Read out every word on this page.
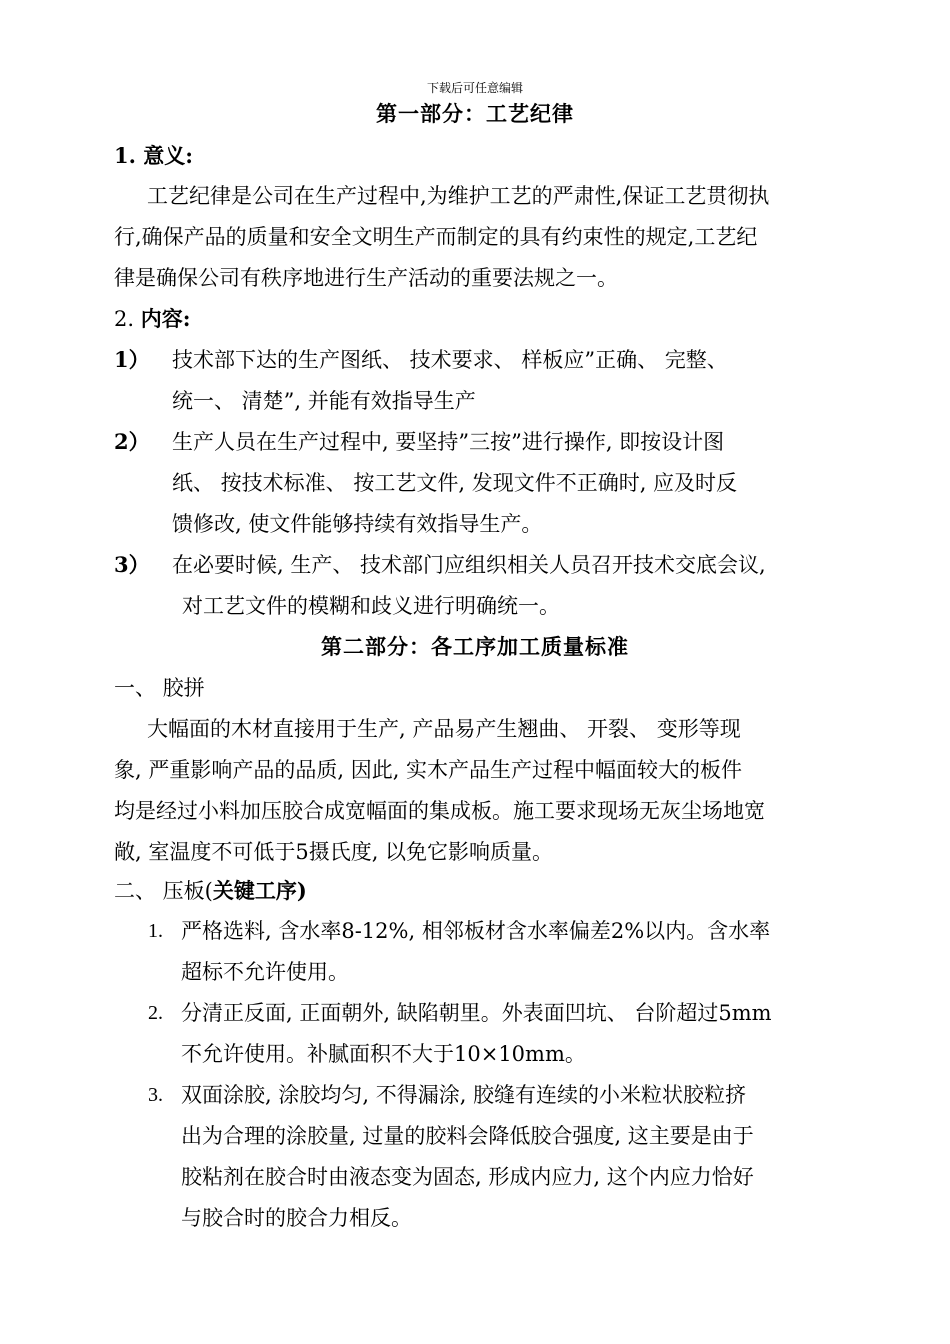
下载后可任意编辑
第一部分：工艺纪律
1. 意义:
工艺纪律是公司在生产过程中,为维护工艺的严肃性,保证工艺贯彻执
行,确保产品的质量和安全文明生产而制定的具有约束性的规定,工艺纪
律是确保公司有秩序地进行生产活动的重要法规之一。
2. 内容:
1） 技术部下达的生产图纸、 技术要求、 样板应”正确、 完整、
统一、 清楚”, 并能有效指导生产
2） 生产人员在生产过程中, 要坚持”三按”进行操作, 即按设计图
纸、 按技术标准、 按工艺文件, 发现文件不正确时, 应及时反
馈修改, 使文件能够持续有效指导生产。
3） 在必要时候, 生产、 技术部门应组织相关人员召开技术交底会议,
对工艺文件的模糊和歧义进行明确统一。
第二部分：各工序加工质量标准
一、 胶拼
大幅面的木材直接用于生产, 产品易产生翘曲、 开裂、 变形等现
象, 严重影响产品的品质, 因此, 实木产品生产过程中幅面较大的板件
均是经过小料加压胶合成宽幅面的集成板。施工要求现场无灰尘场地宽
敞, 室温度不可低于5摄氏度, 以免它影响质量。
二、 压板(关键工序)
1. 严格选料, 含水率8-12%, 相邻板材含水率偏差2%以内。含水率
超标不允许使用。
2. 分清正反面, 正面朝外, 缺陷朝里。外表面凹坑、 台阶超过5mm
不允许使用。补腻面积不大于10×10mm。
3. 双面涂胶, 涂胶均匀, 不得漏涂, 胶缝有连续的小米粒状胶粒挤
出为合理的涂胶量, 过量的胶料会降低胶合强度, 这主要是由于
胶粘剂在胶合时由液态变为固态, 形成内应力, 这个内应力恰好
与胶合时的胶合力相反。
